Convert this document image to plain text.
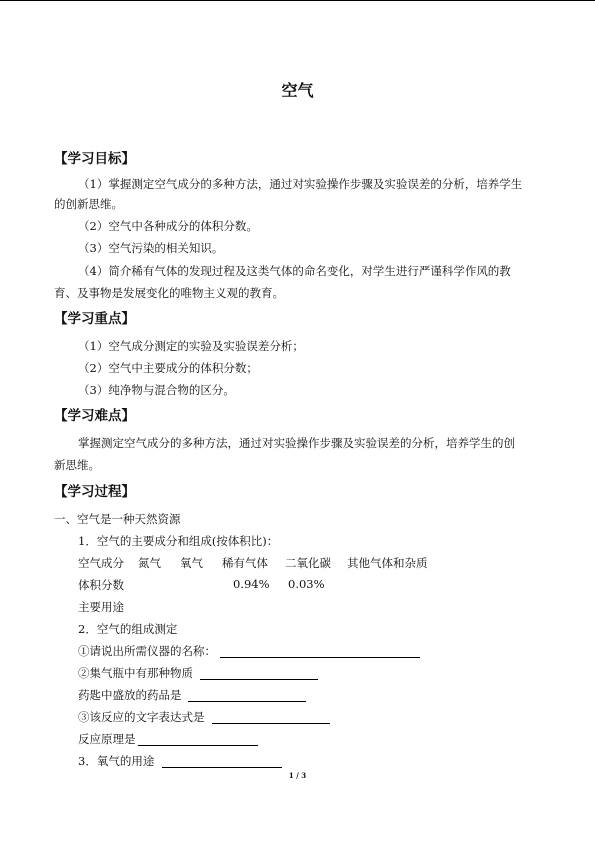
空气
【学习目标】
（1）掌握测定空气成分的多种方法，通过对实验操作步骤及实验误差的分析，培养学生
的创新思维。
（2）空气中各种成分的体积分数。
（3）空气污染的相关知识。
（4）简介稀有气体的发现过程及这类气体的命名变化，对学生进行严谨科学作风的教
育、及事物是发展变化的唯物主义观的教育。
【学习重点】
（1）空气成分测定的实验及实验误差分析；
（2）空气中主要成分的体积分数；
（3）纯净物与混合物的区分。
【学习难点】
掌握测定空气成分的多种方法，通过对实验操作步骤及实验误差的分析，培养学生的创
新思维。
【学习过程】
一、空气是一种天然资源
1．空气的主要成分和组成(按体积比)：
空气成分 氮气 氧气 稀有气体 二氧化碳 其他气体和杂质
体积分数	0.94% 0.03%
主要用途
2．空气的组成测定
①请说出所需仪器的名称：
②集气瓶中有那种物质
药匙中盛放的药品是
③该反应的文字表达式是
反应原理是
3．氧气的用途
1 / 3
